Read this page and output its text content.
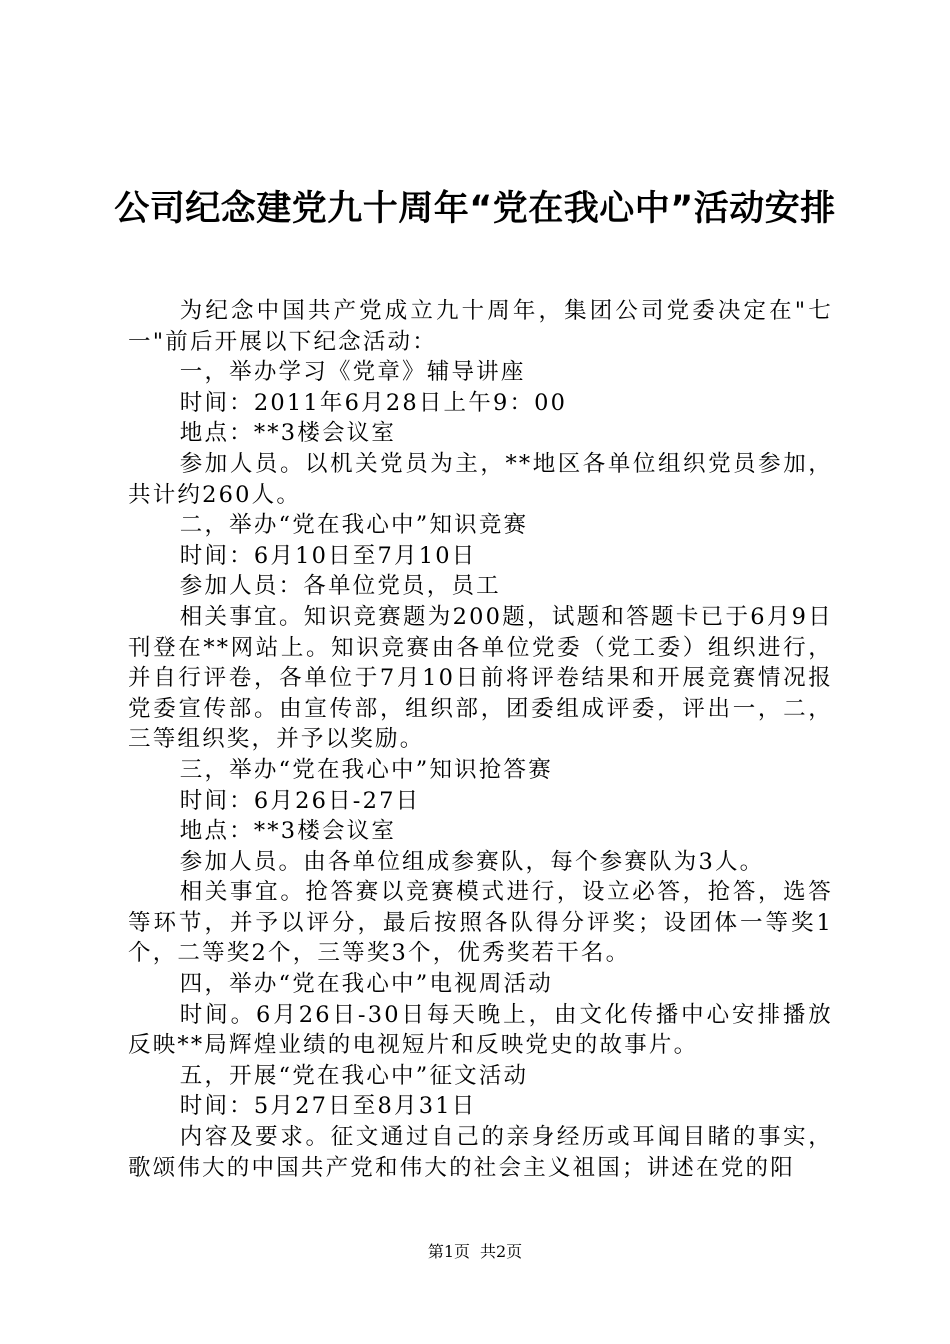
公司纪念建党九十周年“党在我心中”活动安排

为纪念中国共产党成立九十周年，集团公司党委决定在"七一"前后开展以下纪念活动：

一，举办学习《党章》辅导讲座

时间：2011年6月28日上午9：00

地点：**3楼会议室

参加人员。以机关党员为主，**地区各单位组织党员参加，共计约260人。

二，举办“党在我心中”知识竞赛

时间：6月10日至7月10日

参加人员：各单位党员，员工

相关事宜。知识竞赛题为200题，试题和答题卡已于6月9日刊登在**网站上。知识竞赛由各单位党委（党工委）组织进行，并自行评卷，各单位于7月10日前将评卷结果和开展竞赛情况报党委宣传部。由宣传部，组织部，团委组成评委，评出一，二，三等组织奖，并予以奖励。

三，举办“党在我心中”知识抢答赛

时间：6月26日-27日

地点：**3楼会议室

参加人员。由各单位组成参赛队，每个参赛队为3人。

相关事宜。抢答赛以竞赛模式进行，设立必答，抢答，选答等环节，并予以评分，最后按照各队得分评奖；设团体一等奖1个，二等奖2个，三等奖3个，优秀奖若干名。

四，举办“党在我心中”电视周活动

时间。6月26日-30日每天晚上，由文化传播中心安排播放反映**局辉煌业绩的电视短片和反映党史的故事片。

五，开展“党在我心中”征文活动

时间：5月27日至8月31日

内容及要求。征文通过自己的亲身经历或耳闻目睹的事实，歌颂伟大的中国共产党和伟大的社会主义祖国；讲述在党的阳

第1页 共2页
